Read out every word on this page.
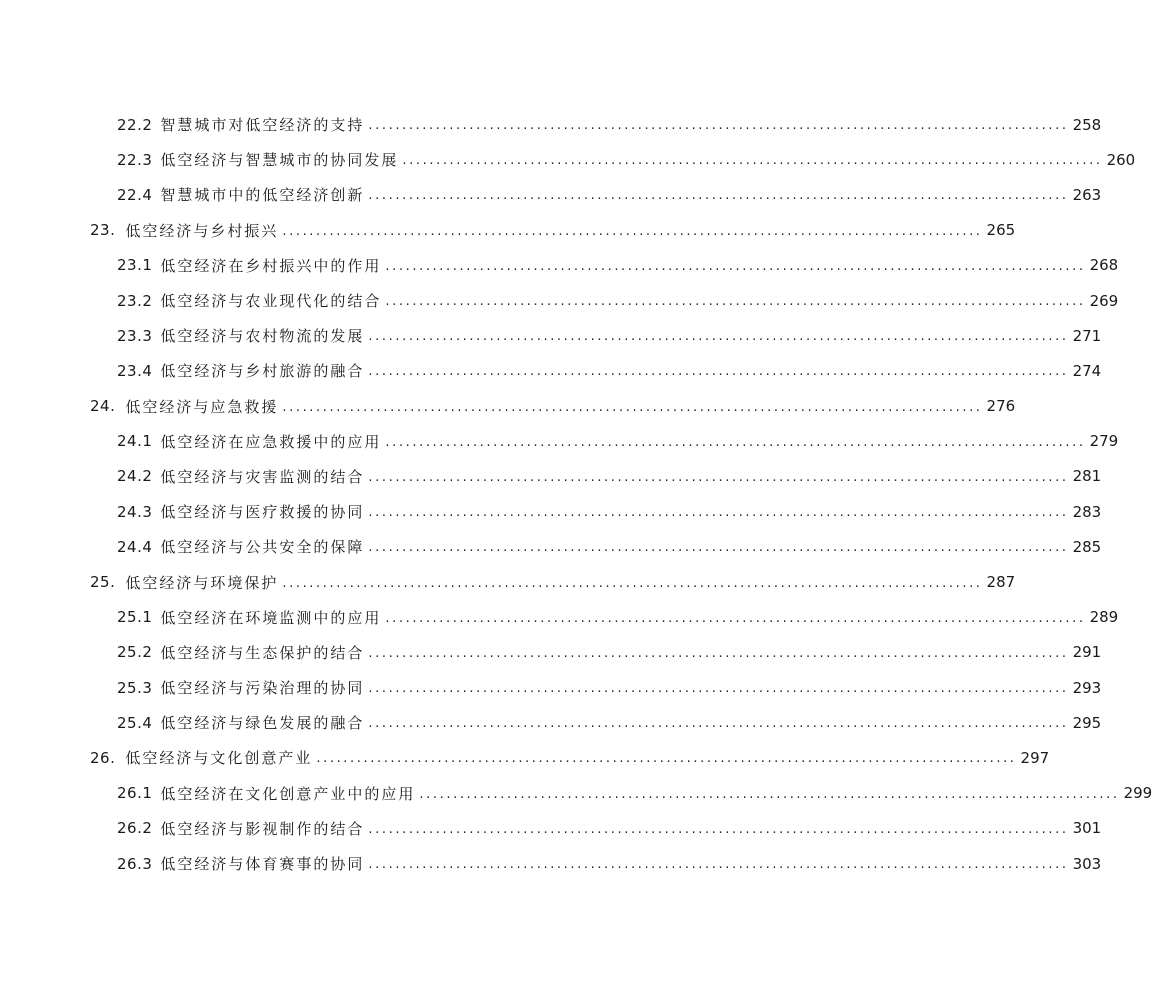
22.2 智慧城市对低空经济的支持 ........................................................................................................ 258
22.3 低空经济与智慧城市的协同发展 ........................................................................................................ 260
22.4 智慧城市中的低空经济创新 ........................................................................................................ 263
23. 低空经济与乡村振兴 ........................................................................................................ 265
23.1 低空经济在乡村振兴中的作用 ........................................................................................................ 268
23.2 低空经济与农业现代化的结合 ........................................................................................................ 269
23.3 低空经济与农村物流的发展 ........................................................................................................ 271
23.4 低空经济与乡村旅游的融合 ........................................................................................................ 274
24. 低空经济与应急救援 ........................................................................................................ 276
24.1 低空经济在应急救援中的应用 ........................................................................................................ 279
24.2 低空经济与灾害监测的结合 ........................................................................................................ 281
24.3 低空经济与医疗救援的协同 ........................................................................................................ 283
24.4 低空经济与公共安全的保障 ........................................................................................................ 285
25. 低空经济与环境保护 ........................................................................................................ 287
25.1 低空经济在环境监测中的应用 ........................................................................................................ 289
25.2 低空经济与生态保护的结合 ........................................................................................................ 291
25.3 低空经济与污染治理的协同 ........................................................................................................ 293
25.4 低空经济与绿色发展的融合 ........................................................................................................ 295
26. 低空经济与文化创意产业 ........................................................................................................ 297
26.1 低空经济在文化创意产业中的应用 ........................................................................................................ 299
26.2 低空经济与影视制作的结合 ........................................................................................................ 301
26.3 低空经济与体育赛事的协同 ........................................................................................................ 303
